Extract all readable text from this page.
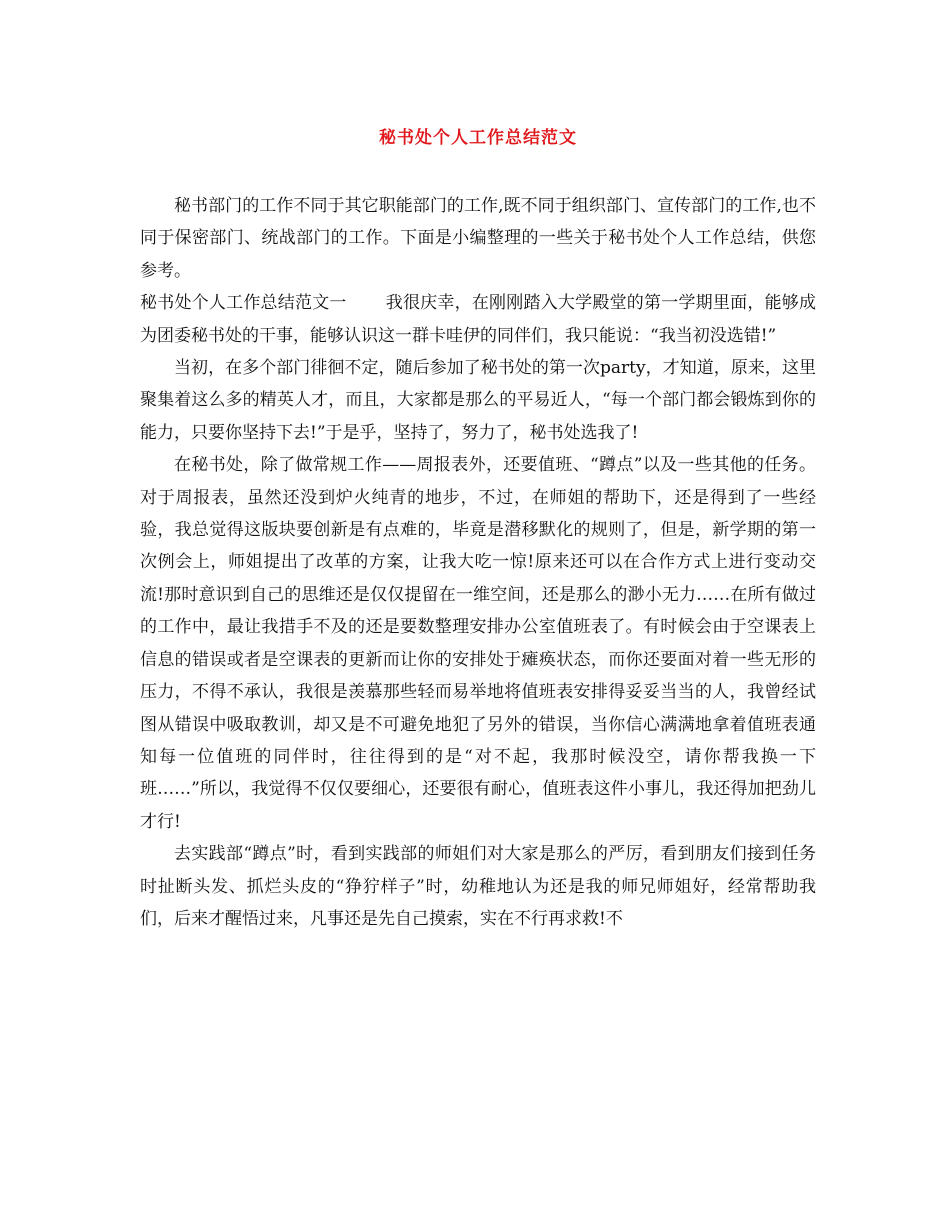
秘书处个人工作总结范文

秘书部门的工作不同于其它职能部门的工作,既不同于组织部门、宣传部门的工作,也不同于保密部门、统战部门的工作。下面是小编整理的一些关于秘书处个人工作总结，供您参考。

秘书处个人工作总结范文一 我很庆幸，在刚刚踏入大学殿堂的第一学期里面，能够成为团委秘书处的干事，能够认识这一群卡哇伊的同伴们，我只能说：“我当初没选错!”

当初，在多个部门徘徊不定，随后参加了秘书处的第一次party，才知道，原来，这里聚集着这么多的精英人才，而且，大家都是那么的平易近人，“每一个部门都会锻炼到你的能力，只要你坚持下去!”于是乎，坚持了，努力了，秘书处选我了!

在秘书处，除了做常规工作——周报表外，还要值班、“蹲点”以及一些其他的任务。对于周报表，虽然还没到炉火纯青的地步，不过，在师姐的帮助下，还是得到了一些经验，我总觉得这版块要创新是有点难的，毕竟是潜移默化的规则了，但是，新学期的第一次例会上，师姐提出了改革的方案，让我大吃一惊!原来还可以在合作方式上进行变动交流!那时意识到自己的思维还是仅仅提留在一维空间，还是那么的渺小无力……在所有做过的工作中，最让我措手不及的还是要数整理安排办公室值班表了。有时候会由于空课表上信息的错误或者是空课表的更新而让你的安排处于瘫痪状态，而你还要面对着一些无形的压力，不得不承认，我很是羡慕那些轻而易举地将值班表安排得妥妥当当的人，我曾经试图从错误中吸取教训，却又是不可避免地犯了另外的错误，当你信心满满地拿着值班表通知每一位值班的同伴时，往往得到的是“对不起，我那时候没空，请你帮我换一下班……”所以，我觉得不仅仅要细心，还要很有耐心，值班表这件小事儿，我还得加把劲儿才行!

去实践部“蹲点”时，看到实践部的师姐们对大家是那么的严厉，看到朋友们接到任务时扯断头发、抓烂头皮的“狰狞样子”时，幼稚地认为还是我的师兄师姐好，经常帮助我们，后来才醒悟过来，凡事还是先自己摸索，实在不行再求救!不
